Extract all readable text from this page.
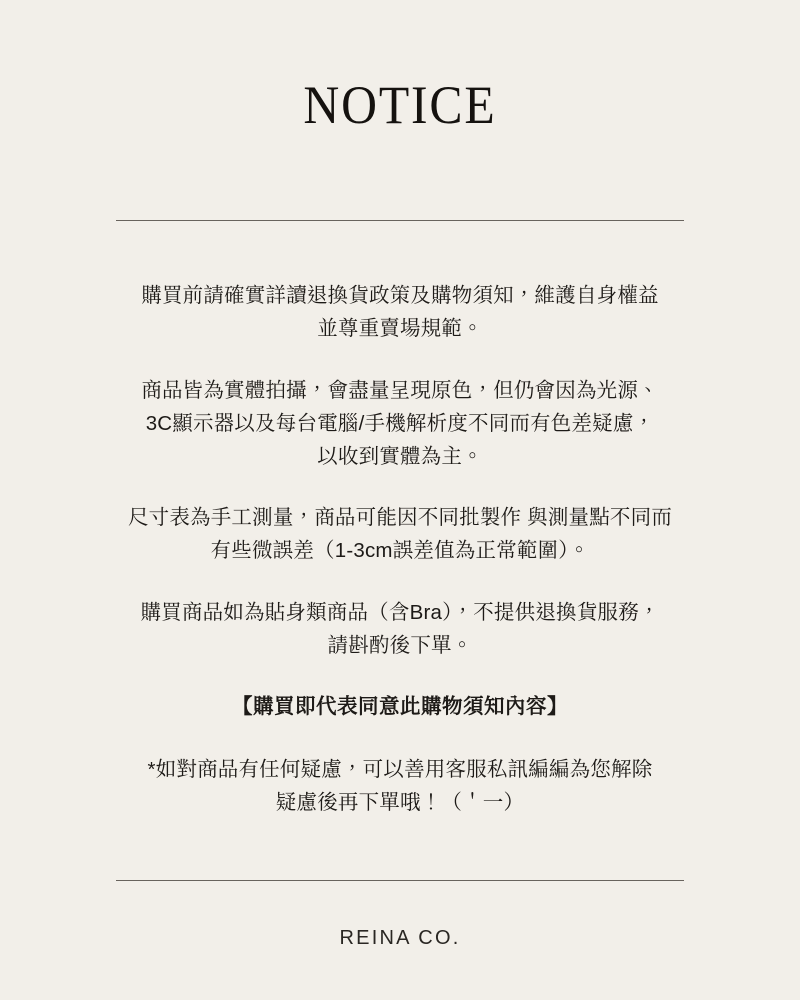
NOTICE

購買前請確實詳讀退換貨政策及購物須知，維護自身權益並尊重賣場規範。

商品皆為實體拍攝，會盡量呈現原色，但仍會因為光源、3C顯示器以及每台電腦/手機解析度不同而有色差疑慮，以收到實體為主。

尺寸表為手工測量，商品可能因不同批製作 與測量點不同而有些微誤差（1-3cm誤差值為正常範圍）。

購買商品如為貼身類商品（含Bra），不提供退換貨服務，請斟酌後下單。

【購買即代表同意此購物須知內容】

*如對商品有任何疑慮，可以善用客服私訊編編為您解除疑慮後再下單哦！（＇一）

REINA CO.
